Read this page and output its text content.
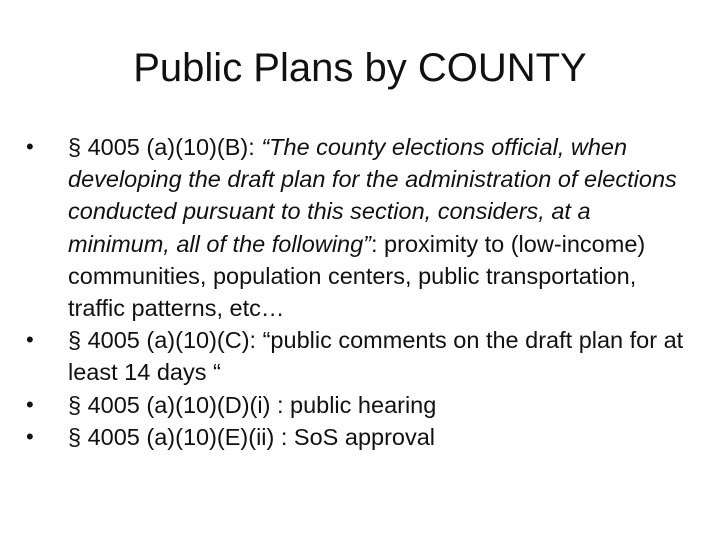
Public Plans by COUNTY
•	§ 4005 (a)(10)(B): “The county elections official, when developing the draft plan for the administration of elections conducted pursuant to this section, considers, at a minimum, all of the following”: proximity to (low-income) communities, population centers, public transportation, traffic patterns, etc…
•	§ 4005 (a)(10)(C): “public comments on the draft plan for at least 14 days “
•	§ 4005 (a)(10)(D)(i) : public hearing
•	§ 4005 (a)(10)(E)(ii) : SoS approval
